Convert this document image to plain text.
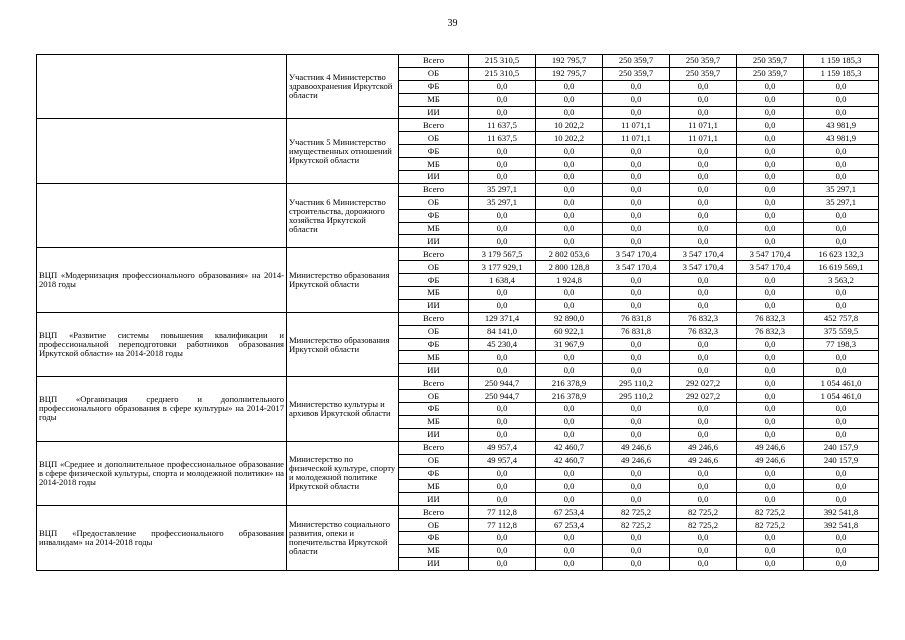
39
	Участник 4 Министерство здравоохранения Иркутской области	Всего	215 310,5	192 795,7	250 359,7	250 359,7	250 359,7	1 159 185,3
		ОБ	215 310,5	192 795,7	250 359,7	250 359,7	250 359,7	1 159 185,3
		ФБ	0,0	0,0	0,0	0,0	0,0	0,0
		МБ	0,0	0,0	0,0	0,0	0,0	0,0
		ИИ	0,0	0,0	0,0	0,0	0,0	0,0
	Участник 5 Министерство имущественных отношений Иркутской области	Всего	11 637,5	10 202,2	11 071,1	11 071,1	0,0	43 981,9
		ОБ	11 637,5	10 202,2	11 071,1	11 071,1	0,0	43 981,9
		ФБ	0,0	0,0	0,0	0,0	0,0	0,0
		МБ	0,0	0,0	0,0	0,0	0,0	0,0
		ИИ	0,0	0,0	0,0	0,0	0,0	0,0
	Участник 6 Министерство строительства, дорожного хозяйства Иркутской области	Всего	35 297,1	0,0	0,0	0,0	0,0	35 297,1
		ОБ	35 297,1	0,0	0,0	0,0	0,0	35 297,1
		ФБ	0,0	0,0	0,0	0,0	0,0	0,0
		МБ	0,0	0,0	0,0	0,0	0,0	0,0
		ИИ	0,0	0,0	0,0	0,0	0,0	0,0
ВЦП «Модернизация профессионального образования» на 2014-2018 годы	Министерство образования Иркутской области	Всего	3 179 567,5	2 802 053,6	3 547 170,4	3 547 170,4	3 547 170,4	16 623 132,3
		ОБ	3 177 929,1	2 800 128,8	3 547 170,4	3 547 170,4	3 547 170,4	16 619 569,1
		ФБ	1 638,4	1 924,8	0,0	0,0	0,0	3 563,2
		МБ	0,0	0,0	0,0	0,0	0,0	0,0
		ИИ	0,0	0,0	0,0	0,0	0,0	0,0
ВЦП «Развитие системы повышения квалификации и профессиональной переподготовки работников образования Иркутской области» на 2014-2018 годы	Министерство образования Иркутской области	Всего	129 371,4	92 890,0	76 831,8	76 832,3	76 832,3	452 757,8
		ОБ	84 141,0	60 922,1	76 831,8	76 832,3	76 832,3	375 559,5
		ФБ	45 230,4	31 967,9	0,0	0,0	0,0	77 198,3
		МБ	0,0	0,0	0,0	0,0	0,0	0,0
		ИИ	0,0	0,0	0,0	0,0	0,0	0,0
ВЦП «Организация среднего и дополнительного профессионального образования в сфере культуры» на 2014-2017 годы	Министерство культуры и архивов Иркутской области	Всего	250 944,7	216 378,9	295 110,2	292 027,2	0,0	1 054 461,0
		ОБ	250 944,7	216 378,9	295 110,2	292 027,2	0,0	1 054 461,0
		ФБ	0,0	0,0	0,0	0,0	0,0	0,0
		МБ	0,0	0,0	0,0	0,0	0,0	0,0
		ИИ	0,0	0,0	0,0	0,0	0,0	0,0
ВЦП «Среднее и дополнительное профессиональное образование в сфере физической культуры, спорта и молодежной политики» на 2014-2018 годы	Министерство по физической культуре, спорту и молодежной политике Иркутской области	Всего	49 957,4	42 460,7	49 246,6	49 246,6	49 246,6	240 157,9
		ОБ	49 957,4	42 460,7	49 246,6	49 246,6	49 246,6	240 157,9
		ФБ	0,0	0,0	0,0	0,0	0,0	0,0
		МБ	0,0	0,0	0,0	0,0	0,0	0,0
		ИИ	0,0	0,0	0,0	0,0	0,0	0,0
ВЦП «Предоставление профессионального образования инвалидам» на 2014-2018 годы	Министерство социального развития, опеки и попечительства Иркутской области	Всего	77 112,8	67 253,4	82 725,2	82 725,2	82 725,2	392 541,8
		ОБ	77 112,8	67 253,4	82 725,2	82 725,2	82 725,2	392 541,8
		ФБ	0,0	0,0	0,0	0,0	0,0	0,0
		МБ	0,0	0,0	0,0	0,0	0,0	0,0
		ИИ	0,0	0,0	0,0	0,0	0,0	0,0
